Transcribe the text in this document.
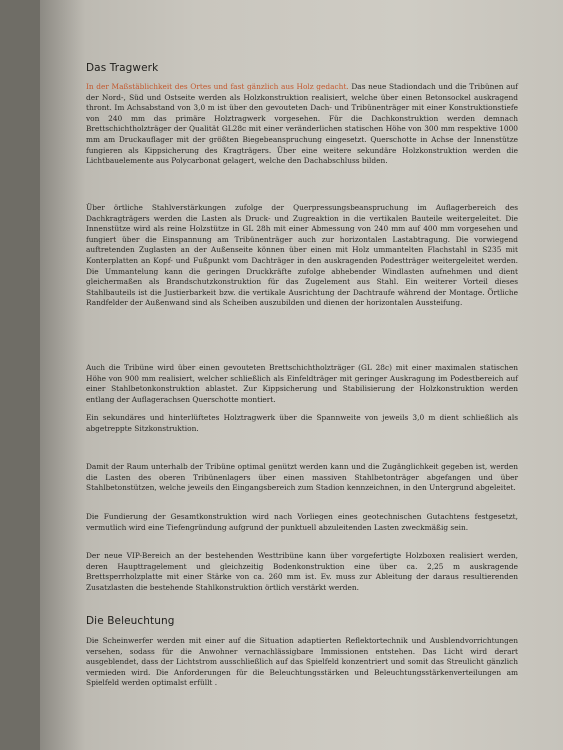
Das Tragwerk

In der Maßstäblichkeit des Ortes und fast gänzlich aus Holz gedacht. Das neue Stadiondach und die Tribünen auf der Nord-, Süd und Ostseite werden als Holzkonstruktion realisiert, welche über einen Betonsockel auskragend thront. Im Achsabstand von 3,0 m ist über den gevouteten Dach- und Tribünenträger mit einer Konstruktionstiefe von 240 mm das primäre Holztragwerk vorgesehen. Für die Dachkonstruktion werden demnach Brettschichtholzträger der Qualität GL28c mit einer veränderlichen statischen Höhe von 300 mm respektive 1000 mm am Druckauflager mit der größten Biegebeanspruchung eingesetzt. Querschotte in Achse der Innenstütze fungieren als Kippsicherung des Kragträgers. Über eine weitere sekundäre Holzkonstruktion werden die Lichtbauelemente aus Polycarbonat gelagert, welche den Dachabschluss bilden.

Über örtliche Stahlverstärkungen zufolge der Querpressungsbeanspruchung im Auflagerbereich des Dachkragträgers werden die Lasten als Druck- und Zugreaktion in die vertikalen Bauteile weitergeleitet. Die Innenstütze wird als reine Holzstütze in GL 28h mit einer Abmessung von 240 mm auf 400 mm vorgesehen und fungiert über die Einspannung am Tribünenträger auch zur horizontalen Lastabtragung. Die vorwiegend auftretenden Zuglasten an der Außenseite können über einen mit Holz ummantelten Flachstahl in S235 mit Konterplatten an Kopf- und Fußpunkt vom Dachträger in den auskragenden Podestträger weitergeleitet werden. Die Ummantelung kann die geringen Druckkräfte zufolge abhebender Windlasten aufnehmen und dient gleichermaßen als Brandschutzkonstruktion für das Zugelement aus Stahl. Ein weiterer Vorteil dieses Stahlbauteils ist die Justierbarkeit bzw. die vertikale Ausrichtung der Dachtraufe während der Montage. Örtliche Randfelder der Außenwand sind als Scheiben auszubilden und dienen der horizontalen Aussteifung.

Auch die Tribüne wird über einen gevouteten Brettschichtholzträger (GL 28c) mit einer maximalen statischen Höhe von 900 mm realisiert, welcher schließlich als Einfeldträger mit geringer Auskragung im Podestbereich auf einer Stahlbetonkonstruktion ablastet. Zur Kippsicherung und Stabilisierung der Holzkonstruktion werden entlang der Auflagerachsen Querschotte montiert.

Ein sekundäres und hinterlüftetes Holztragwerk über die Spannweite von jeweils 3,0 m dient schließlich als abgetreppte Sitzkonstruktion.

Damit der Raum unterhalb der Tribüne optimal genützt werden kann und die Zugänglichkeit gegeben ist, werden die Lasten des oberen Tribünenlagers über einen massiven Stahlbetonträger abgefangen und über Stahlbetonstützen, welche jeweils den Eingangsbereich zum Stadion kennzeichnen, in den Untergrund abgeleitet.

Die Fundierung der Gesamtkonstruktion wird nach Vorliegen eines geotechnischen Gutachtens festgesetzt, vermutlich wird eine Tiefengründung aufgrund der punktuell abzuleitenden Lasten zweckmäßig sein.

Der neue VIP-Bereich an der bestehenden Westtribüne kann über vorgefertigte Holzboxen realisiert werden, deren Haupttragelement und gleichzeitig Bodenkonstruktion eine über ca. 2,25 m auskragende Brettsperrholzplatte mit einer Stärke von ca. 260 mm ist. Ev. muss zur Ableitung der daraus resultierenden Zusatzlasten die bestehende Stahlkonstruktion örtlich verstärkt werden.

Die Beleuchtung

Die Scheinwerfer werden mit einer auf die Situation adaptierten Reflektortechnik und Ausblendvorrichtungen versehen, sodass für die Anwohner vernachlässigbare Immissionen entstehen. Das Licht wird derart ausgeblendet, dass der Lichtstrom ausschließlich auf das Spielfeld konzentriert und somit das Streulicht gänzlich vermieden wird. Die Anforderungen für die Beleuchtungsstärken und Beleuchtungsstärkenverteilungen am Spielfeld werden optimalst erfüllt .
